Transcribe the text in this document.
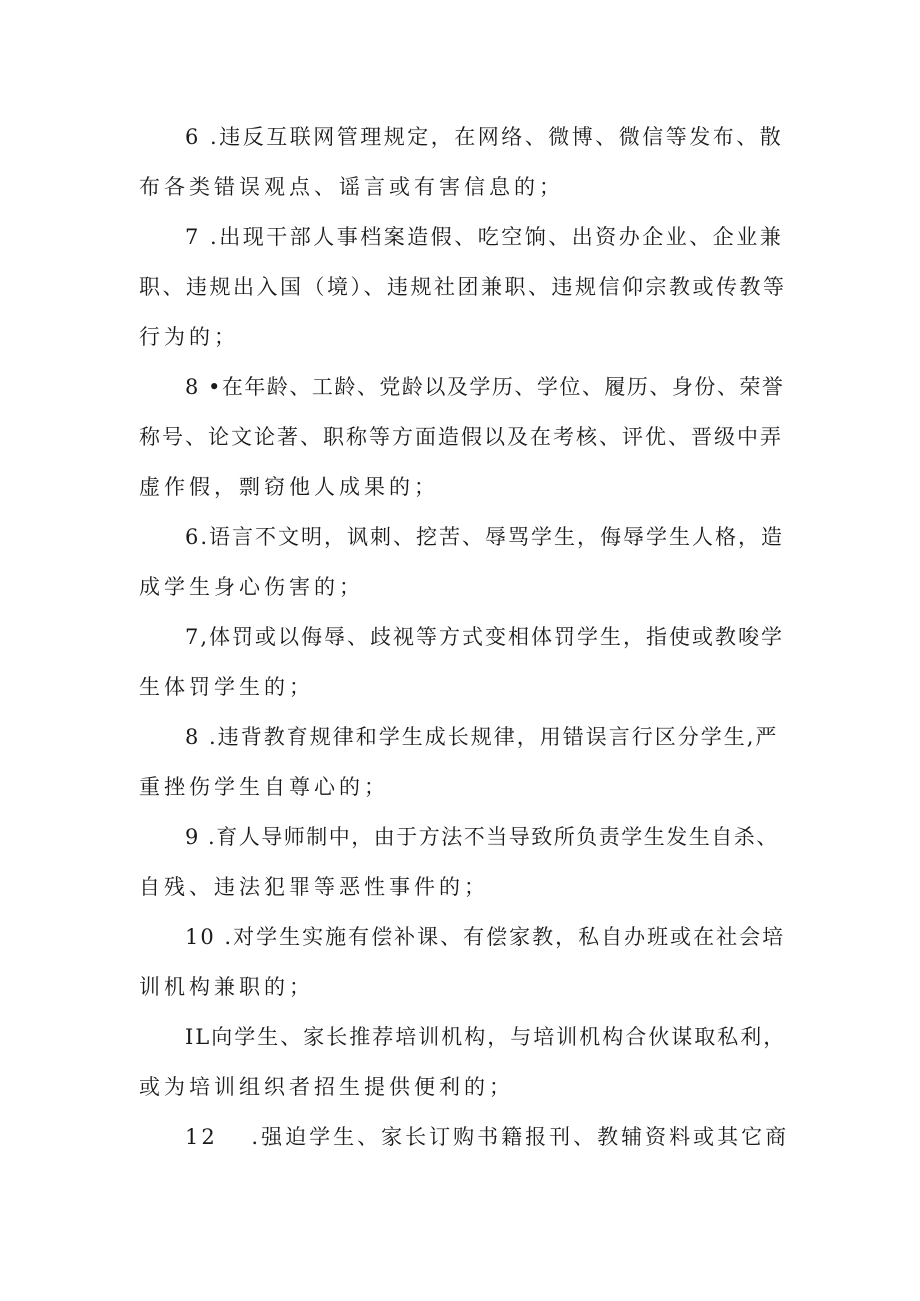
6 .违反互联网管理规定，在网络、微博、微信等发布、散
布各类错误观点、谣言或有害信息的；
7 .出现干部人事档案造假、吃空饷、出资办企业、企业兼
职、违规出入国（境）、违规社团兼职、违规信仰宗教或传教等
行为的；
8 •在年龄、工龄、党龄以及学历、学位、履历、身份、荣誉
称号、论文论著、职称等方面造假以及在考核、评优、晋级中弄
虚作假，剽窃他人成果的；
6.语言不文明，讽刺、挖苦、辱骂学生，侮辱学生人格，造
成学生身心伤害的；
7,体罚或以侮辱、歧视等方式变相体罚学生，指使或教唆学
生体罚学生的；
8 .违背教育规律和学生成长规律，用错误言行区分学生,严
重挫伤学生自尊心的；
9 .育人导师制中，由于方法不当导致所负责学生发生自杀、
自残、违法犯罪等恶性事件的；
10 .对学生实施有偿补课、有偿家教，私自办班或在社会培
训机构兼职的；
IL向学生、家长推荐培训机构，与培训机构合伙谋取私利，
或为培训组织者招生提供便利的；
12　 .强迫学生、家长订购书籍报刊、教辅资料或其它商
